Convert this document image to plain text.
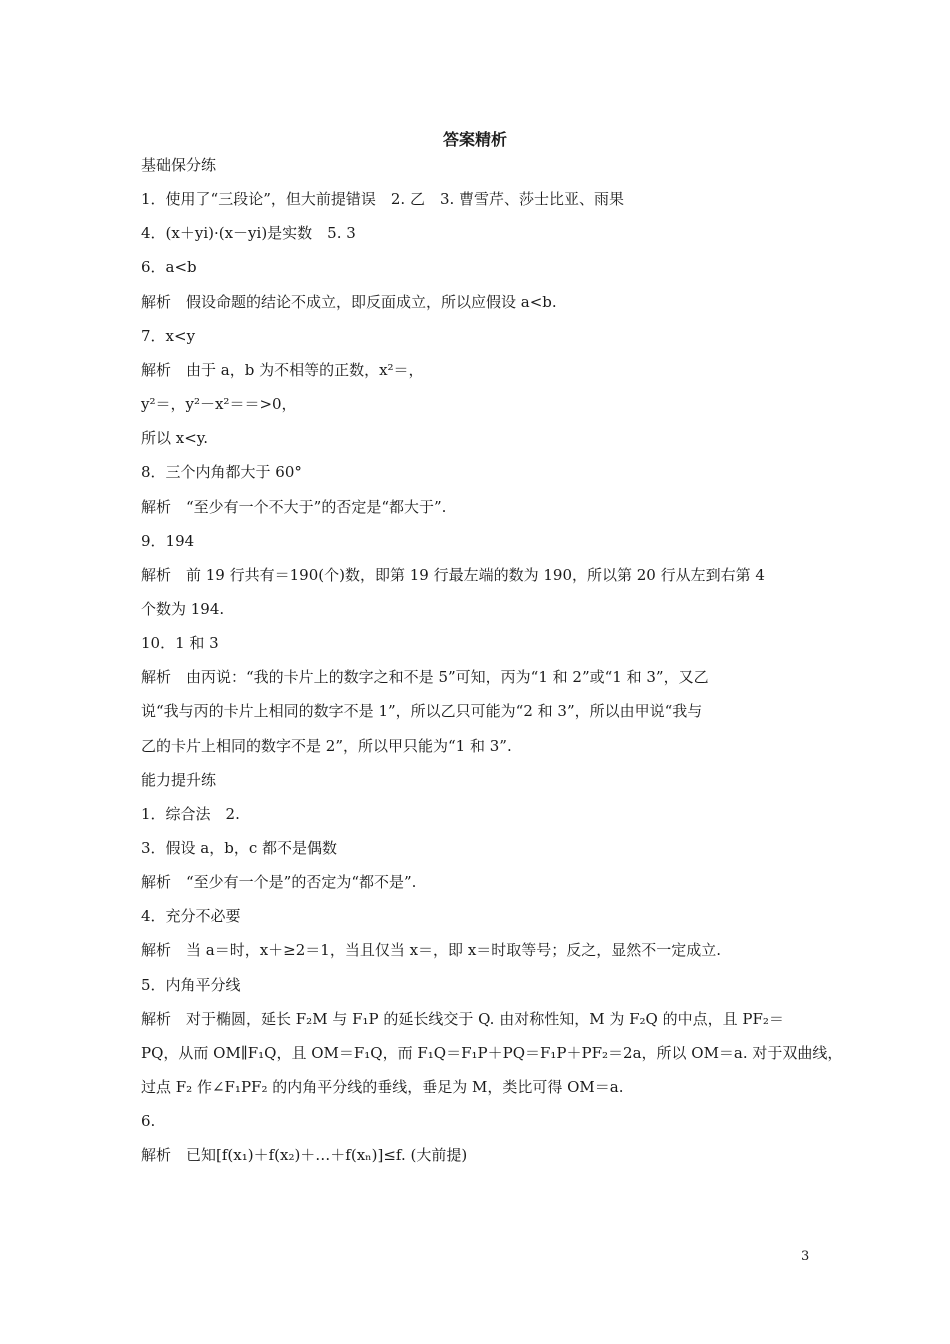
答案精析
基础保分练
1．使用了“三段论”，但大前提错误　2. 乙　3. 曹雪芹、莎士比亚、雨果
4．(x＋yi)·(x－yi)是实数　5. 3
6．a<b
解析　假设命题的结论不成立，即反面成立，所以应假设 a<b.
7．x<y
解析　由于 a，b 为不相等的正数，x²＝，
y²＝，y²－x²＝＝>0，
所以 x<y.
8．三个内角都大于 60°
解析　“至少有一个不大于”的否定是“都大于”.
9．194
解析　前 19 行共有＝190(个)数，即第 19 行最左端的数为 190，所以第 20 行从左到右第 4
个数为 194.
10．1 和 3
解析　由丙说：“我的卡片上的数字之和不是 5”可知，丙为“1 和 2”或“1 和 3”，又乙
说“我与丙的卡片上相同的数字不是 1”，所以乙只可能为“2 和 3”，所以由甲说“我与
乙的卡片上相同的数字不是 2”，所以甲只能为“1 和 3”.
能力提升练
1．综合法　2.
3．假设 a，b，c 都不是偶数
解析　“至少有一个是”的否定为“都不是”.
4．充分不必要
解析　当 a＝时，x＋≥2＝1，当且仅当 x＝，即 x＝时取等号；反之，显然不一定成立.
5．内角平分线
解析　对于椭圆，延长 F₂M 与 F₁P 的延长线交于 Q. 由对称性知，M 为 F₂Q 的中点，且 PF₂＝
PQ，从而 OM∥F₁Q，且 OM＝F₁Q，而 F₁Q＝F₁P＋PQ＝F₁P＋PF₂＝2a，所以 OM＝a. 对于双曲线，
过点 F₂ 作∠F₁PF₂ 的内角平分线的垂线，垂足为 M，类比可得 OM＝a.
6.
解析　已知[f(x₁)＋f(x₂)＋…＋f(xₙ)]≤f. (大前提)
3
